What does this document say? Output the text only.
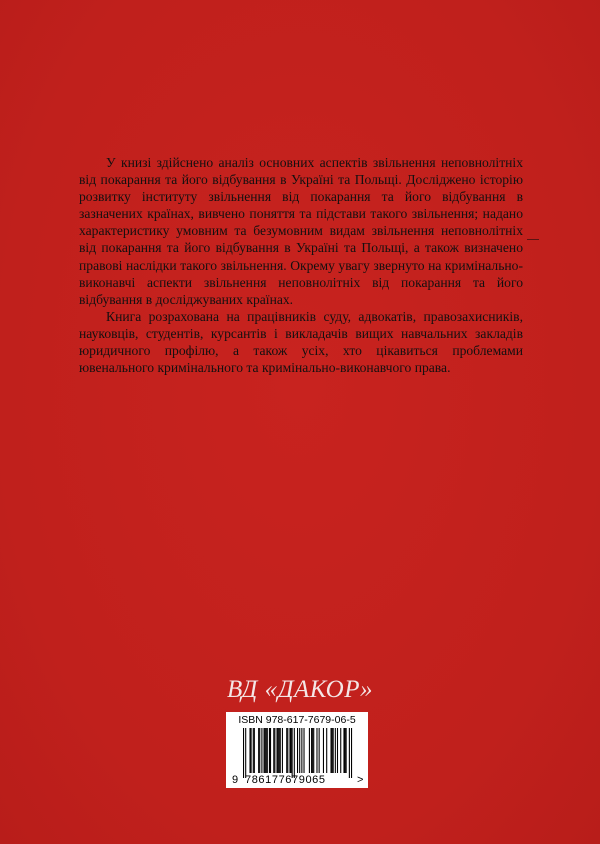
У книзі здійснено аналіз основних аспектів звільнення неповнолітніх від покарання та його відбування в Україні та Польщі. Досліджено історію розвитку інституту звільнення від покарання та його відбування в зазначених країнах, вивчено поняття та підстави такого звільнення; надано характеристику умовним та безумовним видам звільнення неповнолітніх від покарання та його відбування в Україні та Польщі, а також визначено правові наслідки такого звільнення. Окрему увагу звернуто на кримінально-виконавчі аспекти звільнення неповнолітніх від покарання та його відбування в досліджуваних країнах.

Книга розрахована на працівників суду, адвокатів, правозахисників, науковців, студентів, курсантів і викладачів вищих навчальних закладів юридичного профілю, а також усіх, хто цікавиться проблемами ювенального кримінального та кримінально-виконавчого права.

ВД «ДАКОР»
ISBN 978-617-7679-06-5
9 786177679065	>
